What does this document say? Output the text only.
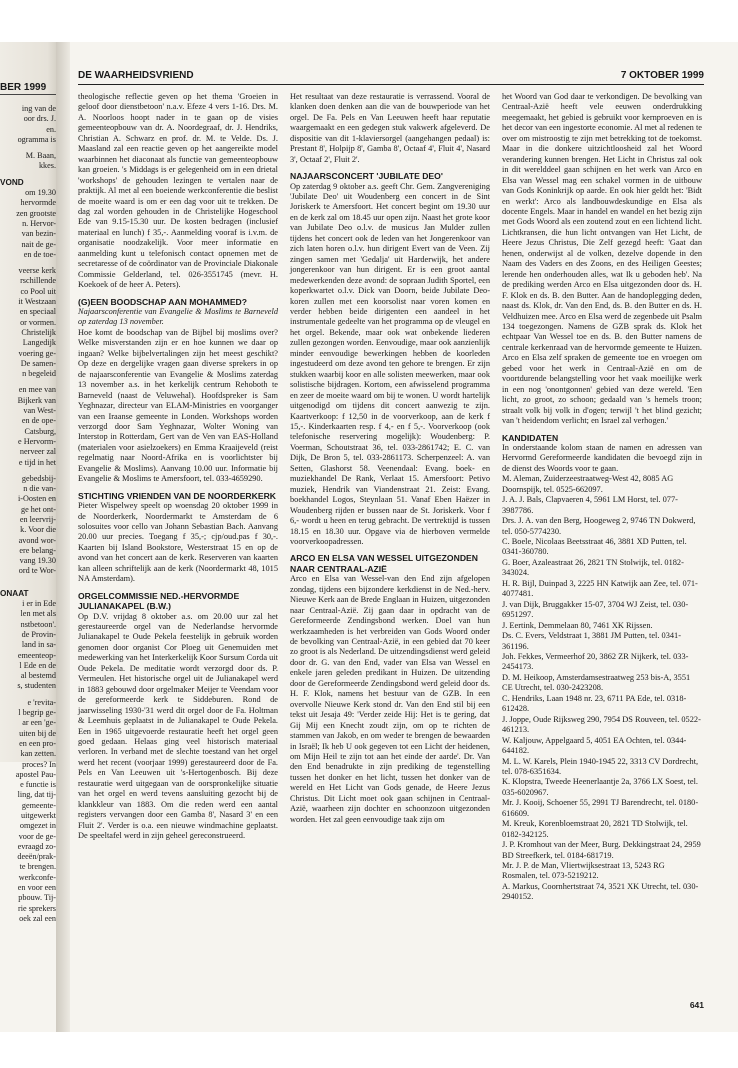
BER 1999
ing van de
oor drs. J.
en.
ogramma is
M. Baan,
kkes.
VOND
om 19.30
hervormde
zen grootste
n. Hervor-
van bezin-
nait de ge-
en de toe-
veerse kerk
rschillende
co Pool uit
it Westzaan
en speciaal
or vormen.
Christelijk
Langedijk
voering ge-
De samen-
n begeleid
en mee van
Bijkerk van
van West-
en de ope-
Catsburg,
e Hervorm-
nerveer zal
e tijd in het
gebedsbij-
n die van-
i-Oosten en
ge het ont-
en leervrij-
k. Voor die
avond wor-
ere belang-
vang 19.30
ord te Wor-
ONAAT
i er in Ede
len met als
nstbetoon'.
de Provin-
land in sa-
emeenteop-
l Ede en de
al bestemd
s, studenten
e 'revita-
l begrip ge-
ar een 'ge-
uiten bij de
en een pro-
kan zetten.
proces? In
apostel Pau-
e functie is
ling, dat tij-
gemeente-
uitgewerkt
omgezet in
voor de ge-
evraagd zo-
deeën/prak-
te brengen.
werkconfe-
en voor een
pbouw. Tij-
rie sprekers
oek zal een
DE WAARHEIDSVRIEND	7 OKTOBER 1999

theologische reflectie geven op het thema 'Groeien in geloof door dienstbetoon' n.a.v. Efeze 4 vers 1-16. Drs. M. A. Noorloos hoopt nader in te gaan op de visies gemeenteopbouw van dr. A. Noordegraaf, dr. J. Hendriks, Christian A. Schwarz en prof. dr. M. te Velde. Ds. J. Maasland zal een reactie geven op het aangereikte model waarbinnen het diaconaat als functie van gemeenteopbouw kan groeien. 's Middags is er gelegenheid om in een drietal 'workshops' de gehouden lezingen te vertalen naar de praktijk. Al met al een boeiende werkconferentie die beslist de moeite waard is om er een dag voor uit te trekken. De dag zal worden gehouden in de Christelijke Hogeschool Ede van 9.15-15.30 uur. De kosten bedragen (inclusief materiaal en lunch) f 35,-. Aanmelding vooraf is i.v.m. de organisatie noodzakelijk. Voor meer informatie en aanmelding kunt u telefonisch contact opnemen met de secretaresse of de coördinator van de Provinciale Diakonale Commissie Gelderland, tel. 026-3551745 (mevr. H. Koekoek of de heer A. Peters).

(G)EEN BOODSCHAP AAN MOHAMMED?

Najaarsconferentie van Evangelie & Moslims te Barneveld op zaterdag 13 november.

Hoe komt de boodschap van de Bijbel bij moslims over? Welke misverstanden zijn er en hoe kunnen we daar op ingaan? Welke bijbelvertalingen zijn het meest geschikt? Op deze en dergelijke vragen gaan diverse sprekers in op de najaarsconferentie van Evangelie & Moslims zaterdag 13 november a.s. in het kerkelijk centrum Rehoboth te Barneveld (naast de Veluwehal). Hoofdspreker is Sam Yeghnazar, directeur van ELAM-Ministries en voorganger van een Iraanse gemeente in Londen. Workshops worden verzorgd door Sam Yeghnazar, Wolter Woning van Interstop in Rotterdam, Gert van de Ven van EAS-Holland (materialen voor asielzoekers) en Emma Kraaijeveld (reist regelmatig naar Noord-Afrika en is voorlichtster bij Evangelie & Moslims). Aanvang 10.00 uur. Informatie bij Evangelie & Moslims te Amersfoort, tel. 033-4659290.

STICHTING VRIENDEN VAN DE NOORDERKERK

Pieter Wispelwey speelt op woensdag 20 oktober 1999 in de Noorderkerk, Noordermarkt te Amsterdam de 6 solosuites voor cello van Johann Sebastian Bach. Aanvang 20.00 uur precies. Toegang f 35,-; cjp/oud.pas f 30,-. Kaarten bij Island Bookstore, Westerstraat 15 en op de avond van het concert aan de kerk. Reserveren van kaarten kan alleen schriftelijk aan de kerk (Noordermarkt 48, 1015 NA Amsterdam).

ORGELCOMMISSIE NED.-HERVORMDE JULIANAKAPEL (B.W.)

Op D.V. vrijdag 8 oktober a.s. om 20.00 uur zal het gerestaureerde orgel van de Nederlandse hervormde Julianakapel te Oude Pekela feestelijk in gebruik worden genomen door organist Cor Ploeg uit Genemuiden met medewerking van het Interkerkelijk Koor Sursum Corda uit Oude Pekela. De meditatie wordt verzorgd door ds. P. Vermeulen. Het historische orgel uit de Julianakapel werd in 1883 gebouwd door orgelmaker Meijer te Veendam voor de gereformeerde kerk te Siddeburen. Rond de jaarwisseling 1930-'31 werd dit orgel door de Fa. Holtman & Leemhuis geplaatst in de Julianakapel te Oude Pekela. Een in 1965 uitgevoerde restauratie heeft het orgel geen goed gedaan. Helaas ging veel historisch materiaal verloren. In verband met de slechte toestand van het orgel werd het recent (voorjaar 1999) gerestaureerd door de Fa. Pels en Van Leeuwen uit 's-Hertogenbosch. Bij deze restauratie werd uitgegaan van de oorspronkelijke situatie van het orgel en werd tevens aansluiting gezocht bij de klankkleur van 1883. Om die reden werd een aantal registers vervangen door een Gamba 8', Nasard 3' en een Fluit 2'. Verder is o.a. een nieuwe windmachine geplaatst. De speeltafel werd in zijn geheel gereconstrueerd.

Het resultaat van deze restauratie is verrassend. Vooral de klanken doen denken aan die van de bouwperiode van het orgel. De Fa. Pels en Van Leeuwen heeft haar reputatie waargemaakt en een gedegen stuk vakwerk afgeleverd. De dispositie van dit 1-klaviersorgel (aangehangen pedaal) is: Prestant 8', Holpijp 8', Gamba 8', Octaaf 4', Fluit 4', Nasard 3', Octaaf 2', Fluit 2'.

NAJAARSCONCERT 'JUBILATE DEO'

Op zaterdag 9 oktober a.s. geeft Chr. Gem. Zangvereniging 'Jubilate Deo' uit Woudenberg een concert in de Sint Joriskerk te Amersfoort. Het concert begint om 19.30 uur en de kerk zal om 18.45 uur open zijn. Naast het grote koor van Jubilate Deo o.l.v. de musicus Jan Mulder zullen tijdens het concert ook de leden van het Jongerenkoor van zich laten horen o.l.v. hun dirigent Evert van de Veen. Zij zingen samen met 'Gedalja' uit Harderwijk, het andere jongerenkoor van hun dirigent. Er is een groot aantal medewerkenden deze avond: de sopraan Judith Sportel, een koperkwartet o.l.v. Dick van Doorn, beide Jubilate Deo-koren zullen met een koorsolist naar voren komen en verder hebben beide dirigenten een aandeel in het instrumentale gedeelte van het programma op de vleugel en het orgel. Bekende, maar ook wat onbekende liederen zullen gezongen worden. Eenvoudige, maar ook aanzienlijk minder eenvoudige bewerkingen hebben de koorleden ingestudeerd om deze avond ten gehore te brengen. Er zijn stukken waarbij koor en alle solisten meewerken, maar ook solistische bijdragen. Kortom, een afwisselend programma en zeer de moeite waard om bij te wonen. U wordt hartelijk uitgenodigd om tijdens dit concert aanwezig te zijn. Kaartverkoop: f 12,50 in de voorverkoop, aan de kerk f 15,-. Kinderkaarten resp. f 4,- en f 5,-. Voorverkoop (ook telefonische reservering mogelijk): Woudenberg: P. Voerman, Schoutstraat 36, tel. 033-2861742; E. C. van Dijk, De Bron 5, tel. 033-2861173. Scherpenzeel: A. van Setten, Glashorst 58. Veenendaal: Evang. boek- en muziekhandel De Rank, Verlaat 15. Amersfoort: Petivo muziek, Hendrik van Viandenstraat 21. Zeist: Evang. boekhandel Logos, Steynlaan 51. Vanaf Eben Haëzer in Woudenberg rijden er bussen naar de St. Joriskerk. Voor f 6,- wordt u heen en terug gebracht. De vertrektijd is tussen 18.15 en 18.30 uur. Opgave via de hierboven vermelde voorverkoopadressen.

ARCO EN ELSA VAN WESSEL UITGEZONDEN NAAR CENTRAAL-AZIË

Arco en Elsa van Wessel-van den End zijn afgelopen zondag, tijdens een bijzondere kerkdienst in de Ned.-herv. Nieuwe Kerk aan de Brede Englaan in Huizen, uitgezonden naar Centraal-Azië. Zij gaan daar in opdracht van de Gereformeerde Zendingsbond werken. Doel van hun werkzaamheden is het verbreiden van Gods Woord onder de bevolking van Centraal-Azië, in een gebied dat 70 keer zo groot is als Nederland. De uitzendingsdienst werd geleid door dr. G. van den End, vader van Elsa van Wessel en enkele jaren geleden predikant in Huizen. De uitzending door de Gereformeerde Zendingsbond werd geleid door ds. H. F. Klok, namens het bestuur van de GZB. In een overvolle Nieuwe Kerk stond dr. Van den End stil bij een tekst uit Jesaja 49: 'Verder zeide Hij: Het is te gering, dat Gij Mij een Knecht zoudt zijn, om op te richten de stammen van Jakob, en om weder te brengen de bewaarden in Israël; Ik heb U ook gegeven tot een Licht der heidenen, om Mijn Heil te zijn tot aan het einde der aarde'. Dr. Van den End benadrukte in zijn prediking de tegenstelling tussen het donker en het licht, tussen het donker van de wereld en Het Licht van Gods genade, de Heere Jezus Christus. Dit Licht moet ook gaan schijnen in Centraal-Azië, waarheen zijn dochter en schoonzoon uitgezonden worden. Het zal geen eenvoudige taak zijn om

het Woord van God daar te verkondigen. De bevolking van Centraal-Azië heeft vele eeuwen onderdrukking meegemaakt, het gebied is gebruikt voor kernproeven en is het decor van een ingestorte economie. Al met al redenen te over om mistroostig te zijn met betrekking tot de toekomst. Maar in die donkere uitzichtloosheid zal het Woord verandering kunnen brengen. Het Licht in Christus zal ook in dit werelddeel gaan schijnen en het werk van Arco en Elsa van Wessel mag een schakel vormen in de uitbouw van Gods Koninkrijk op aarde. En ook hier geldt het: 'Bidt en werkt': Arco als landbouwdeskundige en Elsa als docente Engels. Maar in handel en wandel en het bezig zijn met Gods Woord als een zoutend zout en een lichtend licht. Lichtkransen, die hun licht ontvangen van Het Licht, de Heere Jezus Christus, Die Zelf gezegd heeft: 'Gaat dan henen, onderwijst al de volken, dezelve dopende in den Naam des Vaders en des Zoons, en des Heiligen Geestes; lerende hen onderhouden alles, wat Ik u geboden heb'. Na de prediking werden Arco en Elsa uitgezonden door ds. H. F. Klok en ds. B. den Butter. Aan de handoplegging deden, naast ds. Klok, dr. Van den End, ds. B. den Butter en ds. H. Veldhuizen mee. Arco en Elsa werd de zegenbede uit Psalm 134 toegezongen. Namens de GZB sprak ds. Klok het echtpaar Van Wessel toe en ds. B. den Butter namens de centrale kerkenraad van de hervormde gemeente te Huizen. Arco en Elsa zelf spraken de gemeente toe en vroegen om gebed voor het werk in Centraal-Azië en om de voortdurende belangstelling voor het vaak moeilijke werk in een nog 'onontgonnen' gebied van deze wereld. 'Een licht, zo groot, zo schoon; gedaald van 's hemels troon; straalt volk bij volk in d'ogen; terwijl 't het blind gezicht; van 't heidendom verlicht; en Israel zal verhogen.'

KANDIDATEN

In onderstaande kolom staan de namen en adressen van Hervormd Gereformeerde kandidaten die bevoegd zijn in de dienst des Woords voor te gaan.

M. Aleman, Zuiderzeestraatweg-West 42, 8085 AG Doornspijk, tel. 0525-662097.

J. A. J. Bals, Clapvaeren 4, 5961 LM Horst, tel. 077-3987786.

Drs. J. A. van den Berg, Hoogeweg 2, 9746 TN Dokwerd, tel. 050-5774230.

C. Boele, Nicolaas Beetsstraat 46, 3881 XD Putten, tel. 0341-360780.

G. Boer, Azaleastraat 26, 2821 TN Stolwijk, tel. 0182-343024.

H. R. Bijl, Duinpad 3, 2225 HN Katwijk aan Zee, tel. 071-4077481.

J. van Dijk, Bruggakker 15-07, 3704 WJ Zeist, tel. 030-6951297.

J. Eertink, Demmelaan 80, 7461 XK Rijssen.

Ds. C. Evers, Veldstraat 1, 3881 JM Putten, tel. 0341-361196.

Joh. Fekkes, Vermeerhof 20, 3862 ZR Nijkerk, tel. 033-2454173.

D. M. Heikoop, Amsterdamsestraatweg 253 bis-A, 3551 CE Utrecht, tel. 030-2423208.

C. Hendriks, Laan 1948 nr. 23, 6711 PA Ede, tel. 0318-612428.

J. Joppe, Oude Rijksweg 290, 7954 DS Rouveen, tel. 0522-461213.

W. Kaljouw, Appelgaard 5, 4051 EA Ochten, tel. 0344-644182.

M. L. W. Karels, Plein 1940-1945 22, 3313 CV Dordrecht, tel. 078-6351634.

K. Klopstra, Tweede Heenerlaantje 2a, 3766 LX Soest, tel. 035-6020967.

Mr. J. Kooij, Schoener 55, 2991 TJ Barendrecht, tel. 0180-616609.

M. Kreuk, Korenbloemstraat 20, 2821 TD Stolwijk, tel. 0182-342125.

J. P. Kromhout van der Meer, Burg. Dekkingstraat 24, 2959 BD Streefkerk, tel. 0184-681719.

Mr. J. P. de Man, Vliertwijksestraat 13, 5243 RG Rosmalen, tel. 073-5219212.

A. Markus, Coornhertstraat 74, 3521 XK Utrecht, tel. 030-2940152.

641
